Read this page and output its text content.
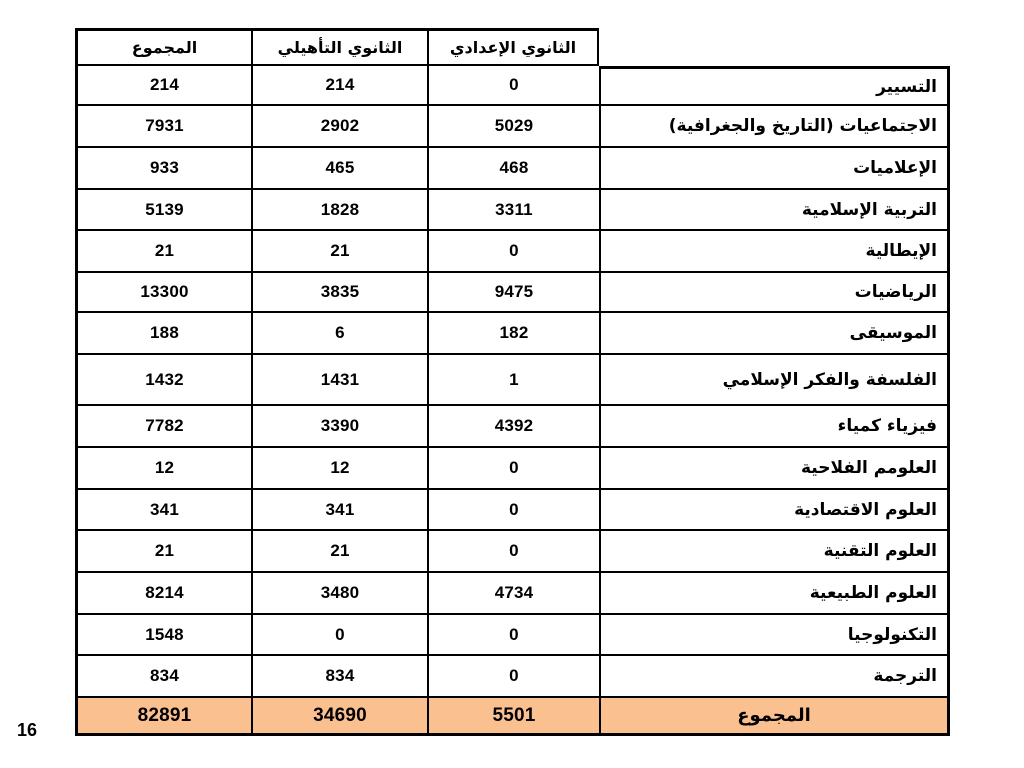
المجموع	الثانوي التأهيلي	الثانوي الإعدادي
214	214	0	التسيير
7931	2902	5029	الاجتماعيات (التاريخ والجغرافية)
933	465	468	الإعلاميات
5139	1828	3311	التربية الإسلامية
21	21	0	الإيطالية
13300	3835	9475	الرياضيات
188	6	182	الموسيقى
1432	1431	1	الفلسفة والفكر الإسلامي
7782	3390	4392	فيزياء كمياء
12	12	0	العلومم الفلاحية
341	341	0	العلوم الاقتصادية
21	21	0	العلوم التقنية
8214	3480	4734	العلوم الطبيعية
1548	0	0	التكنولوجيا
834	834	0	الترجمة
82891	34690	5501	المجموع
16
